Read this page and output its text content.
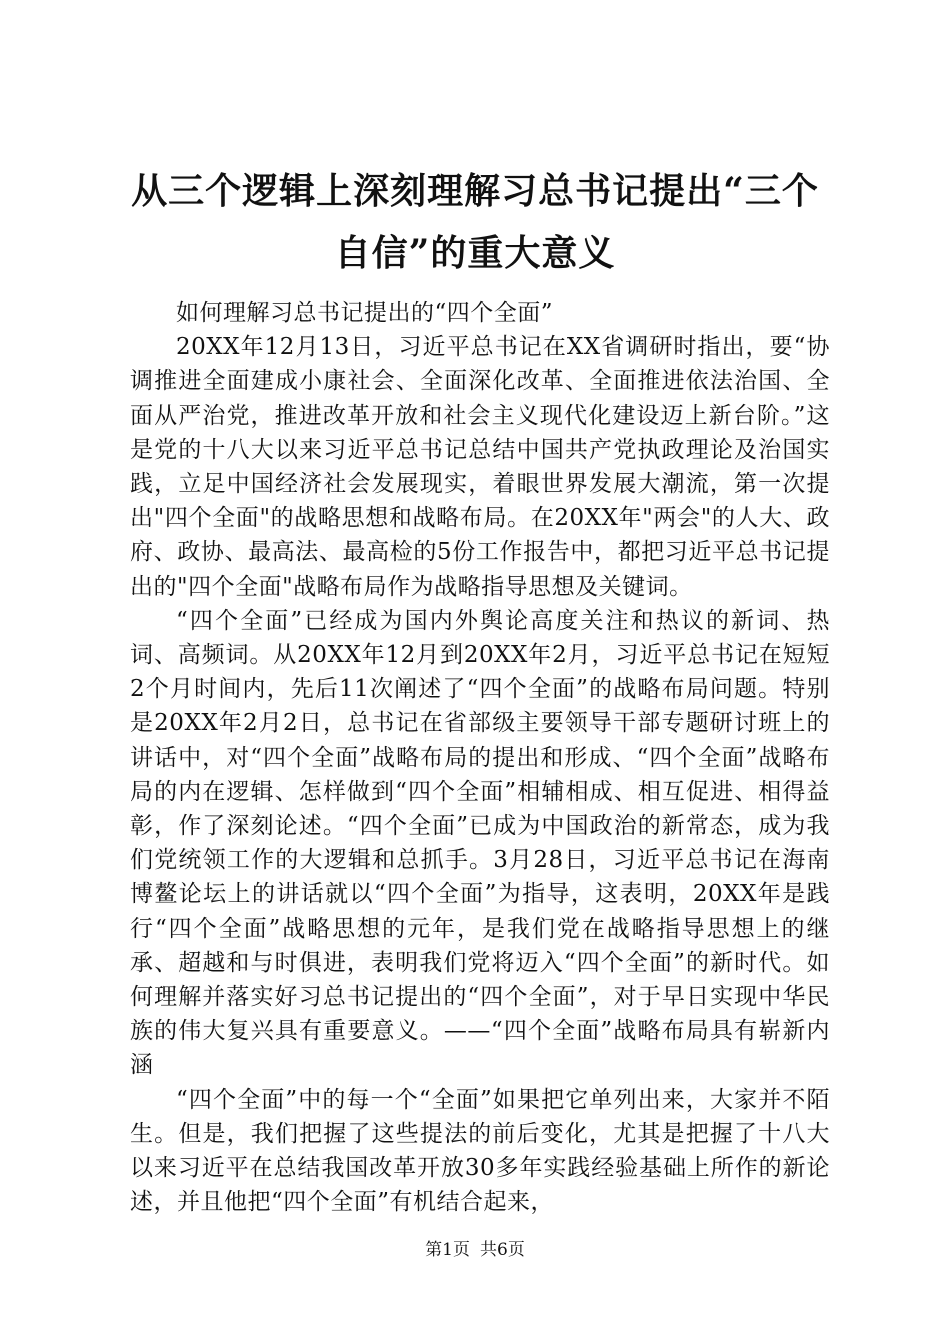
从三个逻辑上深刻理解习总书记提出“三个自信”的重大意义

如何理解习总书记提出的“四个全面”

20XX年12月13日，习近平总书记在XX省调研时指出，要“协调推进全面建成小康社会、全面深化改革、全面推进依法治国、全面从严治党，推进改革开放和社会主义现代化建设迈上新台阶。”这是党的十八大以来习近平总书记总结中国共产党执政理论及治国实践，立足中国经济社会发展现实，着眼世界发展大潮流，第一次提出"四个全面"的战略思想和战略布局。在20XX年"两会"的人大、政府、政协、最高法、最高检的5份工作报告中，都把习近平总书记提出的"四个全面"战略布局作为战略指导思想及关键词。

“四个全面”已经成为国内外舆论高度关注和热议的新词、热词、高频词。从20XX年12月到20XX年2月，习近平总书记在短短2个月时间内，先后11次阐述了“四个全面”的战略布局问题。特别是20XX年2月2日，总书记在省部级主要领导干部专题研讨班上的讲话中，对“四个全面”战略布局的提出和形成、“四个全面”战略布局的内在逻辑、怎样做到“四个全面”相辅相成、相互促进、相得益彰，作了深刻论述。“四个全面”已成为中国政治的新常态，成为我们党统领工作的大逻辑和总抓手。3月28日，习近平总书记在海南博鳌论坛上的讲话就以“四个全面”为指导，这表明，20XX年是践行“四个全面”战略思想的元年，是我们党在战略指导思想上的继承、超越和与时俱进，表明我们党将迈入“四个全面”的新时代。如何理解并落实好习总书记提出的“四个全面”，对于早日实现中华民族的伟大复兴具有重要意义。——“四个全面”战略布局具有崭新内涵

“四个全面”中的每一个“全面”如果把它单列出来，大家并不陌生。但是，我们把握了这些提法的前后变化，尤其是把握了十八大以来习近平在总结我国改革开放30多年实践经验基础上所作的新论述，并且他把“四个全面”有机结合起来，

第1页 共6页
